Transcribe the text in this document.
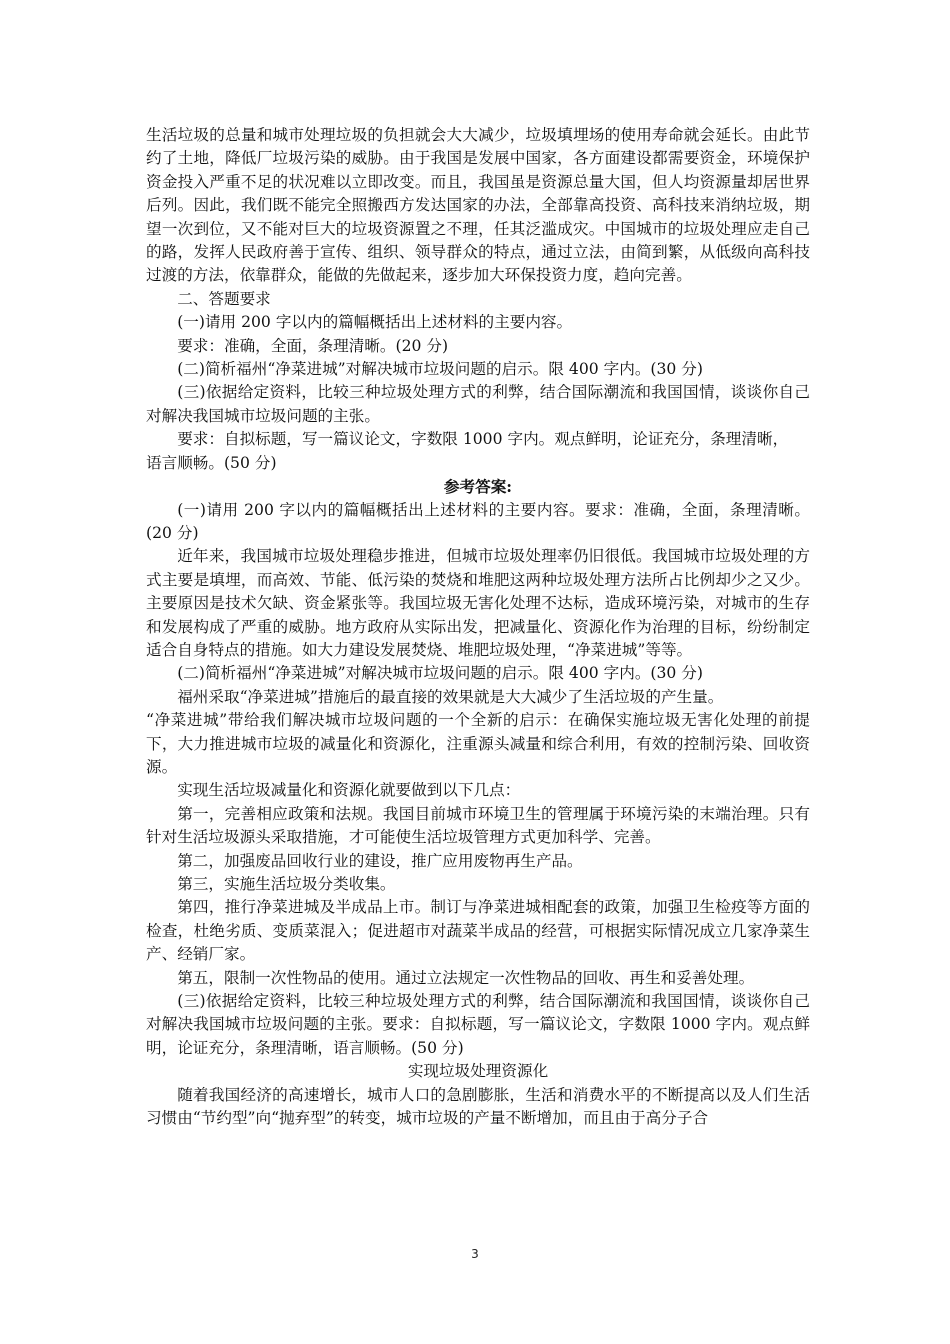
生活垃圾的总量和城市处理垃圾的负担就会大大减少，垃圾填埋场的使用寿命就会延长。由此节约了土地，降低厂垃圾污染的威胁。由于我国是发展中国家，各方面建设都需要资金，环境保护资金投入严重不足的状况难以立即改变。而且，我国虽是资源总量大国，但人均资源量却居世界后列。因此，我们既不能完全照搬西方发达国家的办法，全部靠高投资、高科技来消纳垃圾，期望一次到位，又不能对巨大的垃圾资源置之不理，任其泛滥成灾。中国城市的垃圾处理应走自己的路，发挥人民政府善于宣传、组织、领导群众的特点，通过立法，由简到繁，从低级向高科技过渡的方法，依靠群众，能做的先做起来，逐步加大环保投资力度，趋向完善。

二、答题要求

(一)请用 200 字以内的篇幅概括出上述材料的主要内容。

要求：准确，全面，条理清晰。(20 分)

(二)简析福州“净菜进城”对解决城市垃圾问题的启示。限 400 字内。(30 分)

(三)依据给定资料，比较三种垃圾处理方式的利弊，结合国际潮流和我国国情，谈谈你自己对解决我国城市垃圾问题的主张。

要求：自拟标题，写一篇议论文，字数限 1000 字内。观点鲜明，论证充分，条理清晰，

语言顺畅。(50 分)

参考答案:

(一)请用 200 字以内的篇幅概括出上述材料的主要内容。要求：准确，全面，条理清晰。(20 分)

近年来，我国城市垃圾处理稳步推进，但城市垃圾处理率仍旧很低。我国城市垃圾处理的方式主要是填埋，而高效、节能、低污染的焚烧和堆肥这两种垃圾处理方法所占比例却少之又少。主要原因是技术欠缺、资金紧张等。我国垃圾无害化处理不达标，造成环境污染，对城市的生存和发展构成了严重的威胁。地方政府从实际出发，把减量化、资源化作为治理的目标，纷纷制定适合自身特点的措施。如大力建设发展焚烧、堆肥垃圾处理，“净菜进城”等等。

(二)简析福州“净菜进城”对解决城市垃圾问题的启示。限 400 字内。(30 分)

福州采取“净菜进城”措施后的最直接的效果就是大大减少了生活垃圾的产生量。

“净菜进城”带给我们解决城市垃圾问题的一个全新的启示：在确保实施垃圾无害化处理的前提下，大力推进城市垃圾的减量化和资源化，注重源头减量和综合利用，有效的控制污染、回收资源。

实现生活垃圾减量化和资源化就要做到以下几点：

第一，完善相应政策和法规。我国目前城市环境卫生的管理属于环境污染的末端治理。只有针对生活垃圾源头采取措施，才可能使生活垃圾管理方式更加科学、完善。

第二，加强废品回收行业的建设，推广应用废物再生产品。

第三，实施生活垃圾分类收集。

第四，推行净菜进城及半成品上市。制订与净菜进城相配套的政策，加强卫生检疫等方面的检查，杜绝劣质、变质菜混入；促进超市对蔬菜半成品的经营，可根据实际情况成立几家净菜生产、经销厂家。

第五，限制一次性物品的使用。通过立法规定一次性物品的回收、再生和妥善处理。

(三)依据给定资料，比较三种垃圾处理方式的利弊，结合国际潮流和我国国情，谈谈你自己对解决我国城市垃圾问题的主张。要求：自拟标题，写一篇议论文，字数限 1000 字内。观点鲜明，论证充分，条理清晰，语言顺畅。(50 分)

实现垃圾处理资源化

随着我国经济的高速增长，城市人口的急剧膨胀，生活和消费水平的不断提高以及人们生活习惯由“节约型”向“抛弃型”的转变，城市垃圾的产量不断增加，而且由于高分子合

3
